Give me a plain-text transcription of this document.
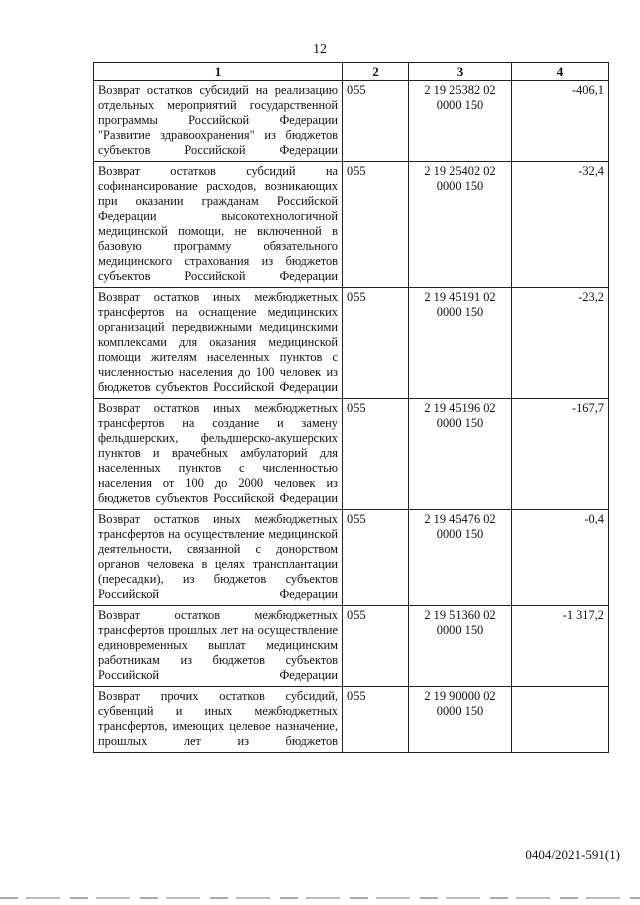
12
1	2	3	4
Возврат остатков субсидий на реализацию отдельных мероприятий государственной программы Российской Федерации "Развитие здравоохранения" из бюджетов субъектов Российской Федерации	055	2 19 25382 02
0000 150	-406,1
Возврат остатков субсидий на софинансирование расходов, возникающих при оказании гражданам Российской Федерации высокотехнологичной медицинской помощи, не включенной в базовую программу обязательного медицинского страхования из бюджетов субъектов Российской Федерации	055	2 19 25402 02
0000 150	-32,4
Возврат остатков иных межбюджетных трансфертов на оснащение медицинских организаций передвижными медицинскими комплексами для оказания медицинской помощи жителям населенных пунктов с численностью населения до 100 человек из бюджетов субъектов Российской Федерации	055	2 19 45191 02
0000 150	-23,2
Возврат остатков иных межбюджетных трансфертов на создание и замену фельдшерских, фельдшерско-акушерских пунктов и врачебных амбулаторий для населенных пунктов с численностью населения от 100 до 2000 человек из бюджетов субъектов Российской Федерации	055	2 19 45196 02
0000 150	-167,7
Возврат остатков иных межбюджетных трансфертов на осуществление медицинской деятельности, связанной с донорством органов человека в целях трансплантации (пересадки), из бюджетов субъектов Российской Федерации	055	2 19 45476 02
0000 150	-0,4
Возврат остатков межбюджетных трансфертов прошлых лет на осуществление единовременных выплат медицинским работникам из бюджетов субъектов Российской Федерации	055	2 19 51360 02
0000 150	-1 317,2
Возврат прочих остатков субсидий, субвенций и иных межбюджетных трансфертов, имеющих целевое назначение, прошлых лет из бюджетов	055	2 19 90000 02
0000 150	
0404/2021-591(1)
